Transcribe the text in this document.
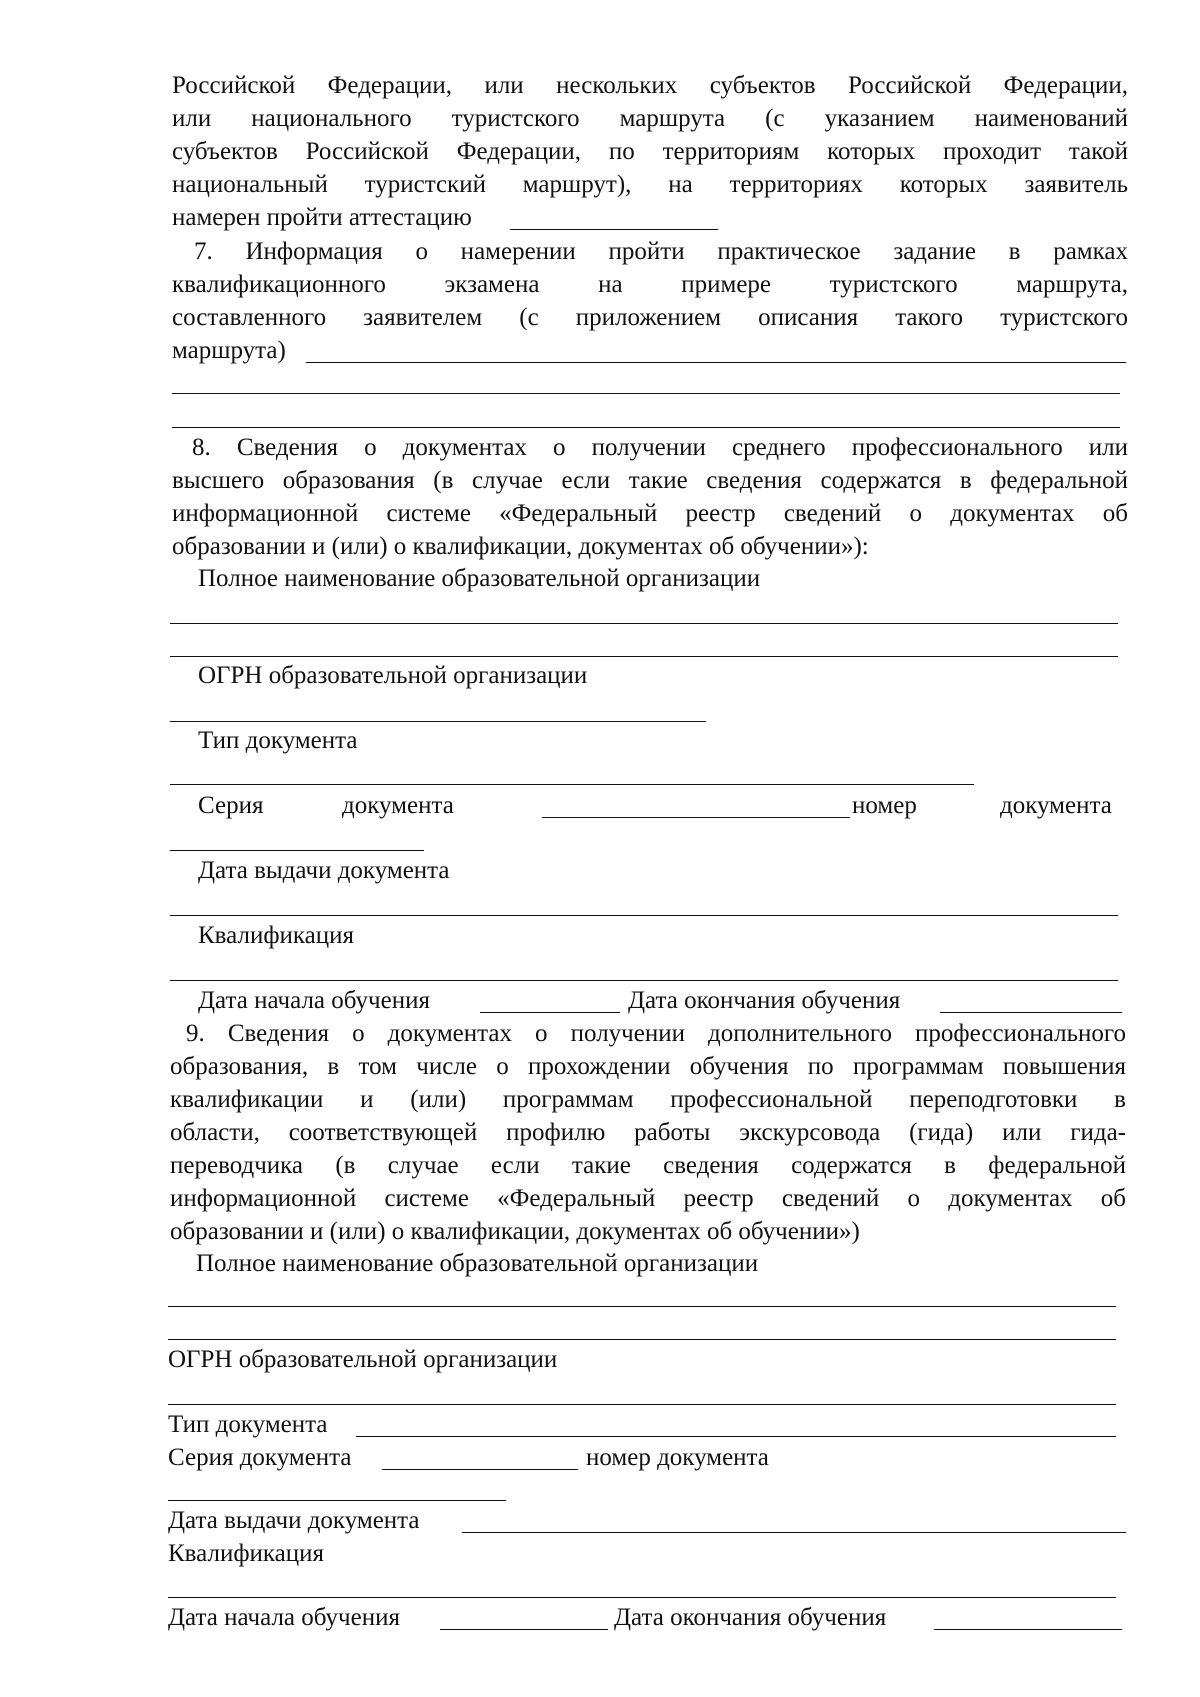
Российской Федерации, или нескольких субъектов Российской Федерации,
или национального туристского маршрута (с указанием наименований
субъектов Российской Федерации, по территориям которых проходит такой
национальный туристский маршрут), на территориях которых заявитель
намерен пройти аттестацию
7. Информация о намерении пройти практическое задание в рамках
квалификационного экзамена на примере туристского маршрута,
составленного заявителем (с приложением описания такого туристского
маршрута)
8. Сведения о документах о получении среднего профессионального или
высшего образования (в случае если такие сведения содержатся в федеральной
информационной системе «Федеральный реестр сведений о документах об
образовании и (или) о квалификации, документах об обучении»):
Полное наименование образовательной организации
ОГРН образовательной организации
Тип документа
Серия	документа	номер	документа
Дата выдачи документа
Квалификация
Дата начала обучения	Дата окончания обучения
9. Сведения о документах о получении дополнительного профессионального
образования, в том числе о прохождении обучения по программам повышения
квалификации и (или) программам профессиональной переподготовки в
области, соответствующей профилю работы экскурсовода (гида) или гида-
переводчика (в случае если такие сведения содержатся в федеральной
информационной системе «Федеральный реестр сведений о документах об
образовании и (или) о квалификации, документах об обучении»)
Полное наименование образовательной организации
ОГРН образовательной организации
Тип документа
Серия документа	номер документа
Дата выдачи документа
Квалификация
Дата начала обучения	Дата окончания обучения
